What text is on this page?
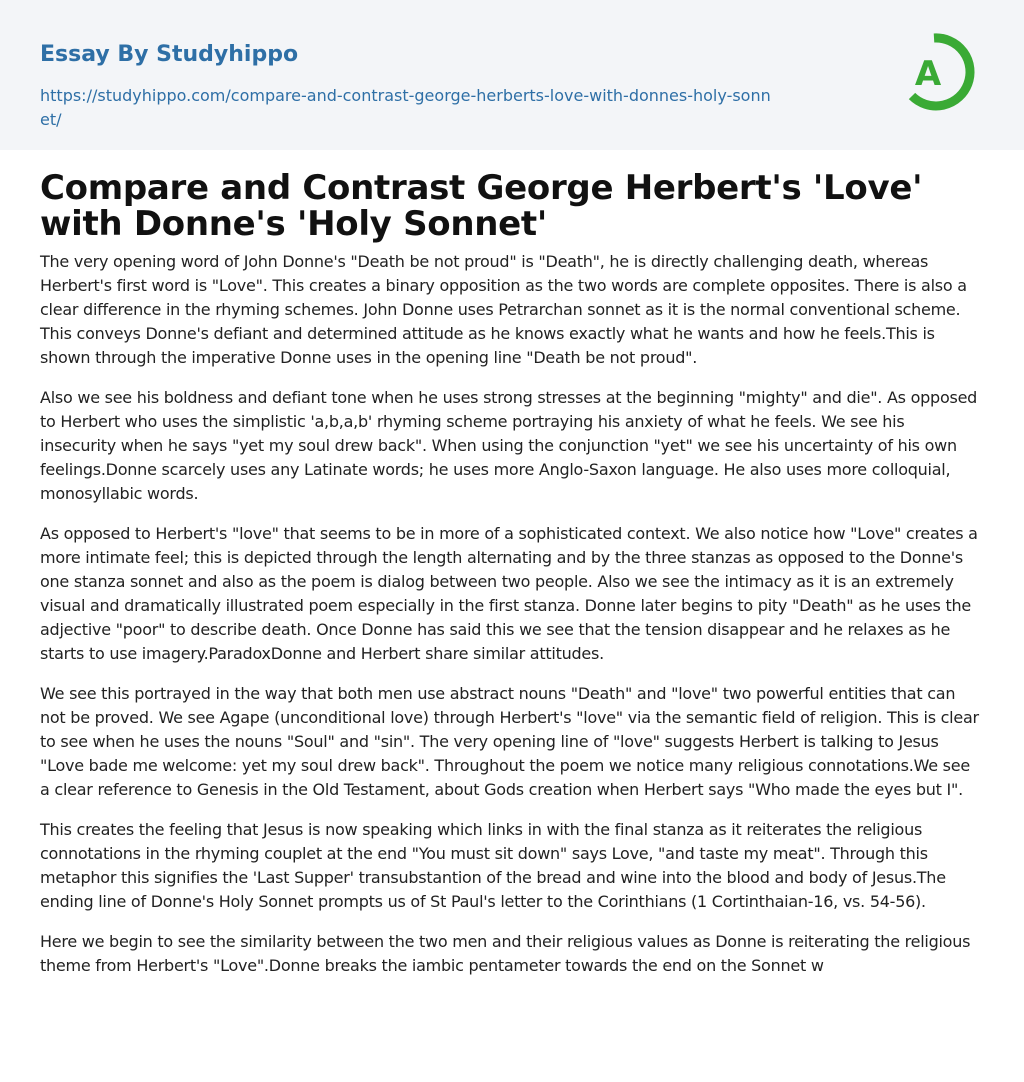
Essay By Studyhippo
https://studyhippo.com/compare-and-contrast-george-herberts-love-with-donnes-holy-sonnet/
A
Compare and Contrast George Herbert's 'Love' with Donne's 'Holy Sonnet'

The very opening word of John Donne's "Death be not proud" is "Death", he is directly challenging death, whereas Herbert's first word is "Love". This creates a binary opposition as the two words are complete opposites. There is also a clear difference in the rhyming schemes. John Donne uses Petrarchan sonnet as it is the normal conventional scheme. This conveys Donne's defiant and determined attitude as he knows exactly what he wants and how he feels.This is shown through the imperative Donne uses in the opening line "Death be not proud".

Also we see his boldness and defiant tone when he uses strong stresses at the beginning "mighty" and die". As opposed to Herbert who uses the simplistic 'a,b,a,b' rhyming scheme portraying his anxiety of what he feels. We see his insecurity when he says "yet my soul drew back". When using the conjunction "yet" we see his uncertainty of his own feelings.Donne scarcely uses any Latinate words; he uses more Anglo-Saxon language. He also uses more colloquial, monosyllabic words.

As opposed to Herbert's "love" that seems to be in more of a sophisticated context. We also notice how "Love" creates a more intimate feel; this is depicted through the length alternating and by the three stanzas as opposed to the Donne's one stanza sonnet and also as the poem is dialog between two people. Also we see the intimacy as it is an extremely visual and dramatically illustrated poem especially in the first stanza. Donne later begins to pity "Death" as he uses the adjective "poor" to describe death. Once Donne has said this we see that the tension disappear and he relaxes as he starts to use imagery.ParadoxDonne and Herbert share similar attitudes.

We see this portrayed in the way that both men use abstract nouns "Death" and "love" two powerful entities that can not be proved. We see Agape (unconditional love) through Herbert's "love" via the semantic field of religion. This is clear to see when he uses the nouns "Soul" and "sin". The very opening line of "love" suggests Herbert is talking to Jesus "Love bade me welcome: yet my soul drew back". Throughout the poem we notice many religious connotations.We see a clear reference to Genesis in the Old Testament, about Gods creation when Herbert says "Who made the eyes but I".

This creates the feeling that Jesus is now speaking which links in with the final stanza as it reiterates the religious connotations in the rhyming couplet at the end "You must sit down" says Love, "and taste my meat". Through this metaphor this signifies the 'Last Supper' transubstantion of the bread and wine into the blood and body of Jesus.The ending line of Donne's Holy Sonnet prompts us of St Paul's letter to the Corinthians (1 Cortinthaian-16, vs. 54-56).

Here we begin to see the similarity between the two men and their religious values as Donne is reiterating the religious theme from Herbert's "Love".Donne breaks the iambic pentameter towards the end on the Sonnet w
